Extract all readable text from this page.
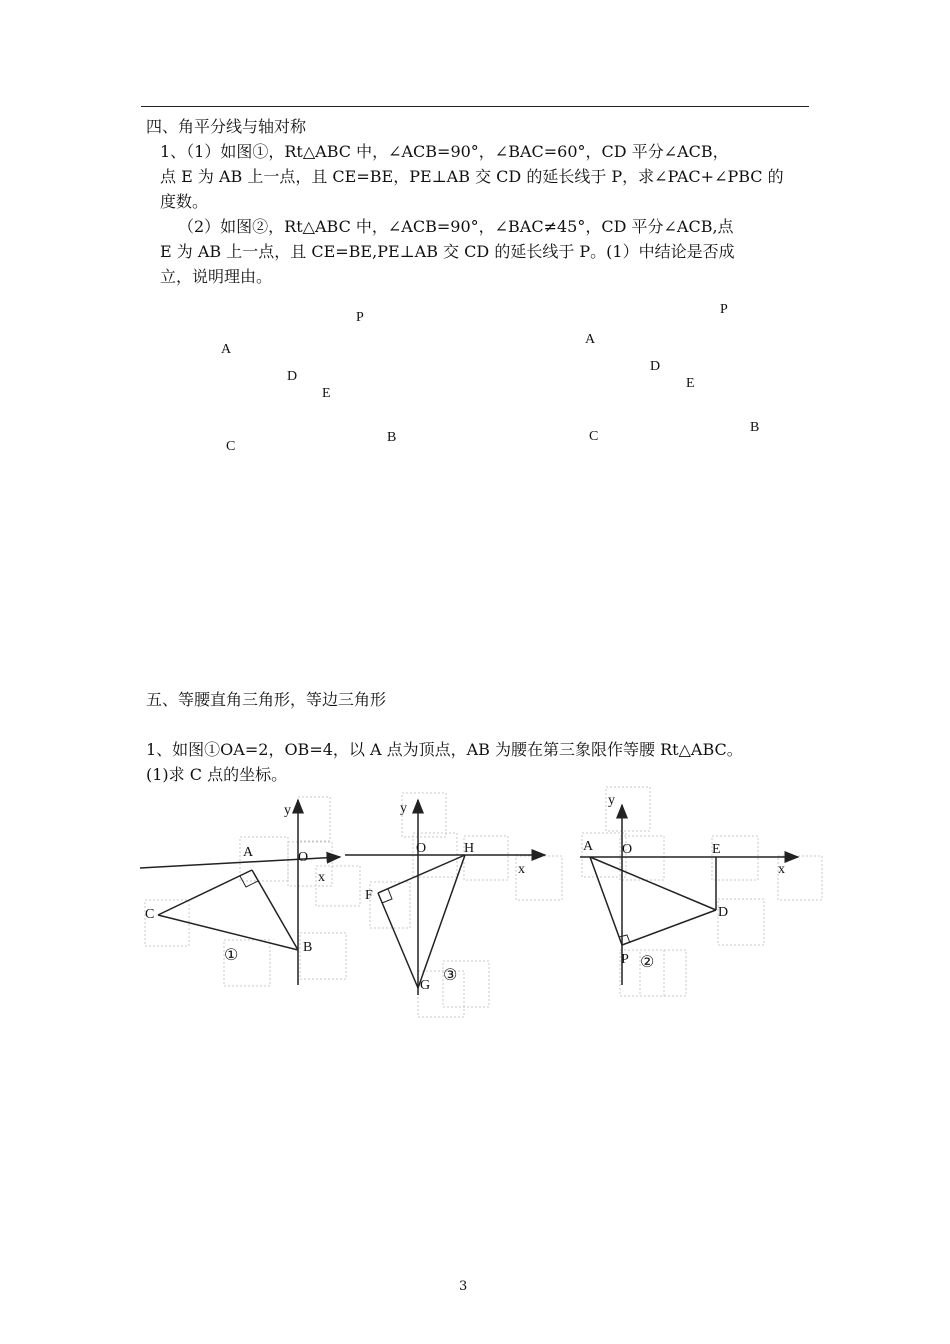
四、角平分线与轴对称
1、（1）如图①，Rt△ABC 中，∠ACB=90°，∠BAC=60°，CD 平分∠ACB，
点 E 为 AB 上一点，且 CE=BE，PE⊥AB 交 CD 的延长线于 P，求∠PAC+∠PBC 的
度数。
（2）如图②，Rt△ABC 中，∠ACB=90°，∠BAC≠45°，CD 平分∠ACB,点
E 为 AB 上一点，且 CE=BE,PE⊥AB 交 CD 的延长线于 P。(1）中结论是否成
立，说明理由。
P
A
D
E
C
B
P
A
D
E
C
B
五、等腰直角三角形，等边三角形
1、如图①OA=2，OB=4，以 A 点为顶点，AB 为腰在第三象限作等腰 Rt△ABC。
(1)求 C 点的坐标。
y
x
O
A
C
B
①
y
x
O	H
F
G
③
y
x
O
A	E
D
P ②
3
